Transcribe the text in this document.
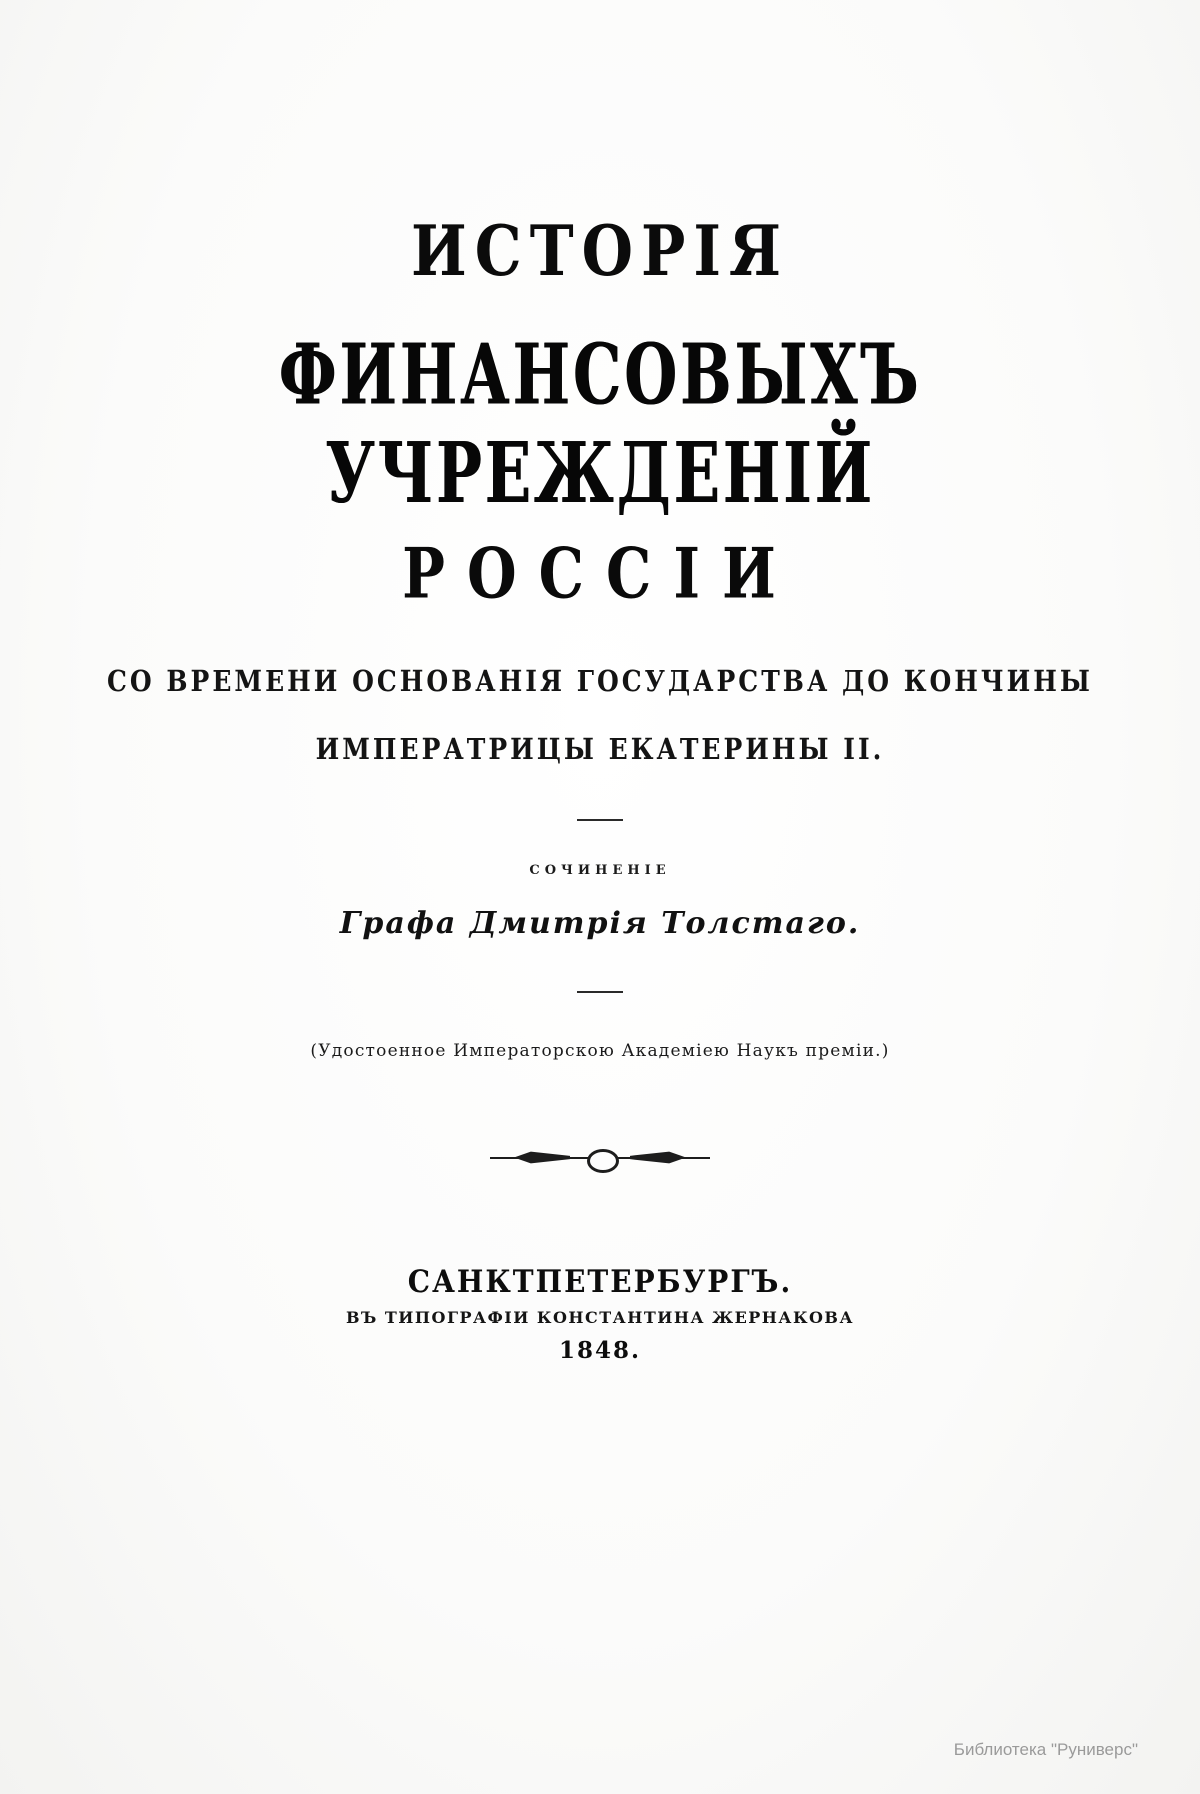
ИСТОРІЯ
ФИНАНСОВЫХЪ УЧРЕЖДЕНІЙ
РОССІИ
СО ВРЕМЕНИ ОСНОВАНІЯ ГОСУДАРСТВА ДО КОНЧИНЫ
ИМПЕРАТРИЦЫ ЕКАТЕРИНЫ II.
СОЧИНЕНІЕ
Графа Дмитрія Толстаго.
(Удостоенное Императорскою Академіею Наукъ преміи.)
САНКТПЕТЕРБУРГЪ.
ВЪ ТИПОГРАФІИ КОНСТАНТИНА ЖЕРНАКОВА
1848.
Библиотека "Руниверс"
